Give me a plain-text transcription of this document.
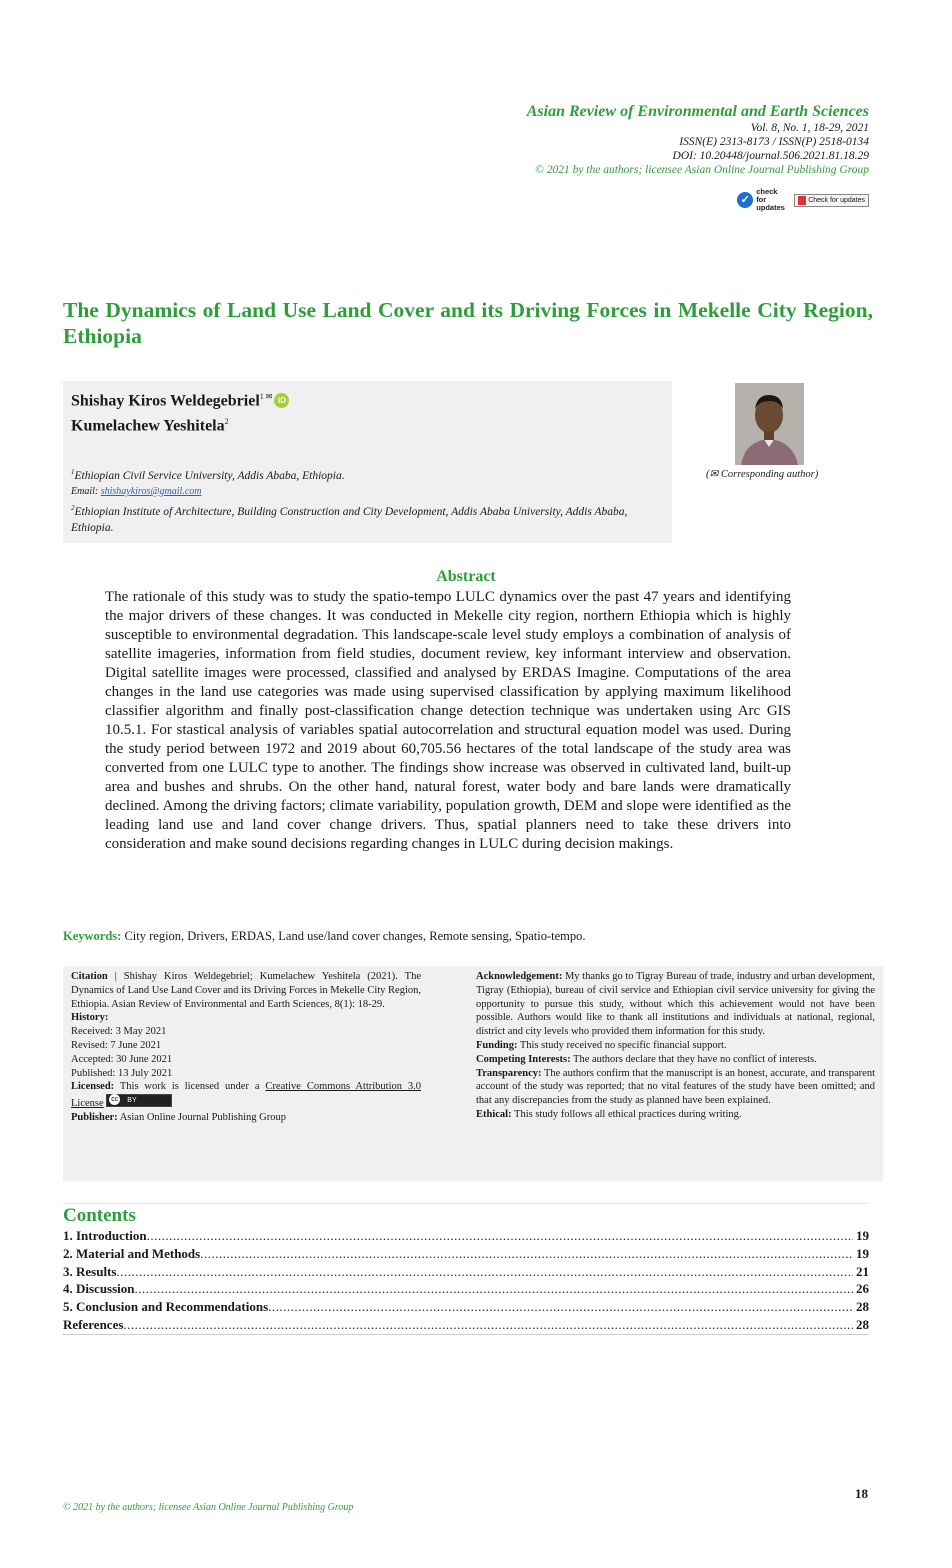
Asian Review of Environmental and Earth Sciences
Vol. 8, No. 1, 18-29, 2021
ISSN(E) 2313-8173 / ISSN(P) 2518-0134
DOI: 10.20448/journal.506.2021.81.18.29
© 2021 by the authors; licensee Asian Online Journal Publishing Group
✓
check for updates
Check for updates
The Dynamics of Land Use Land Cover and its Driving Forces in Mekelle City Region, Ethiopia
Shishay Kiros Weldegebriel$^{1 ✉}$ iD
Kumelachew Yeshitela$^2$
$^1$Ethiopian Civil Service University, Addis Ababa, Ethiopia.
Email: shishaykiros@gmail.com
$^2$Ethiopian Institute of Architecture, Building Construction and City Development, Addis Ababa University, Addis Ababa, Ethiopia.
(✉ Corresponding author)
Abstract
The rationale of this study was to study the spatio-tempo LULC dynamics over the past 47 years and identifying the major drivers of these changes. It was conducted in Mekelle city region, northern Ethiopia which is highly susceptible to environmental degradation. This landscape-scale level study employs a combination of analysis of satellite imageries, information from field studies, document review, key informant interview and observation. Digital satellite images were processed, classified and analysed by ERDAS Imagine. Computations of the area changes in the land use categories was made using supervised classification by applying maximum likelihood classifier algorithm and finally post-classification change detection technique was undertaken using Arc GIS 10.5.1. For stastical analysis of variables spatial autocorrelation and structural equation model was used. During the study period between 1972 and 2019 about 60,705.56 hectares of the total landscape of the study area was converted from one LULC type to another. The findings show increase was observed in cultivated land, built-up area and bushes and shrubs. On the other hand, natural forest, water body and bare lands were dramatically declined. Among the driving factors; climate variability, population growth, DEM and slope were identified as the leading land use and land cover change drivers. Thus, spatial planners need to take these drivers into consideration and make sound decisions regarding changes in LULC during decision makings.
Keywords: City region, Drivers, ERDAS, Land use/land cover changes, Remote sensing, Spatio-tempo.
Citation | Shishay Kiros Weldegebriel; Kumelachew Yeshitela (2021). The Dynamics of Land Use Land Cover and its Driving Forces in Mekelle City Region, Ethiopia. Asian Review of Environmental and Earth Sciences, 8(1): 18-29.
History:
Received: 3 May 2021
Revised: 7 June 2021
Accepted: 30 June 2021
Published: 13 July 2021
Licensed: This work is licensed under a Creative Commons Attribution 3.0 License cc BY
Publisher: Asian Online Journal Publishing Group
Acknowledgement: My thanks go to Tigray Bureau of trade, industry and urban development, Tigray (Ethiopia), bureau of civil service and Ethiopian civil service university for giving the opportunity to pursue this study, without which this achievement would not have been possible. Authors would like to thank all institutions and individuals at national, regional, district and city levels who provided them information for this study.
Funding: This study received no specific financial support.
Competing Interests: The authors declare that they have no conflict of interests.
Transparency: The authors confirm that the manuscript is an honest, accurate, and transparent account of the study was reported; that no vital features of the study have been omitted; and that any discrepancies from the study as planned have been explained.
Ethical: This study follows all ethical practices during writing.
Contents
1. Introduction .....	19
2. Material and Methods .....	19
3. Results .....	21
4. Discussion .....	26
5. Conclusion and Recommendations .....	28
References .....	28
18
© 2021 by the authors; licensee Asian Online Journal Publishing Group
